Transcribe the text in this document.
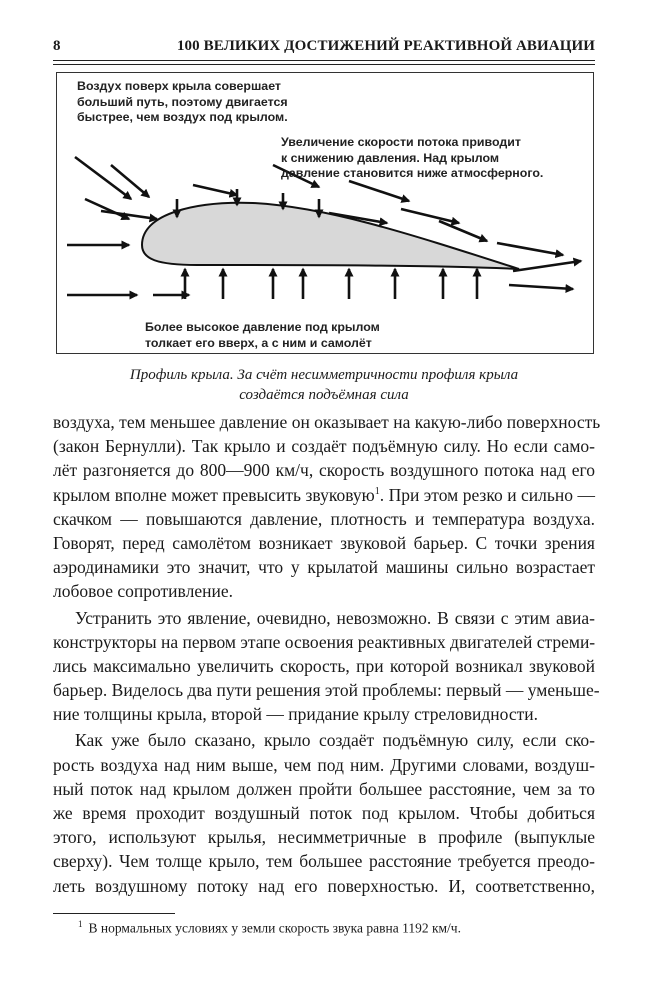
8	100 ВЕЛИКИХ ДОСТИЖЕНИЙ РЕАКТИВНОЙ АВИАЦИИ
Воздух поверх крыла совершает
больший путь, поэтому двигается
быстрее, чем воздух под крылом.
Увеличение скорости потока приводит
к снижению давления. Над крылом
давление становится ниже атмосферного.
Более высокое давление под крылом
толкает его вверх, а с ним и самолёт
Профиль крыла. За счёт несимметричности профиля крыла
создаётся подъёмная сила
воздуха, тем меньшее давление он оказывает на какую-либо поверхность
(закон Бернулли). Так крыло и создаёт подъёмную силу. Но если само-
лёт разгоняется до 800—900 км/ч, скорость воздушного потока над его
крылом вполне может превысить звуковую$^1$. При этом резко и сильно —
скачком — повышаются давление, плотность и температура воздуха.
Говорят, перед самолётом возникает звуковой барьер. С точки зрения
аэродинамики это значит, что у крылатой машины сильно возрастает
лобовое сопротивление.
Устранить это явление, очевидно, невозможно. В связи с этим авиа-
конструкторы на первом этапе освоения реактивных двигателей стреми-
лись максимально увеличить скорость, при которой возникал звуковой
барьер. Виделось два пути решения этой проблемы: первый — уменьше-
ние толщины крыла, второй — придание крылу стреловидности.
Как уже было сказано, крыло создаёт подъёмную силу, если ско-
рость воздуха над ним выше, чем под ним. Другими словами, воздуш-
ный поток над крылом должен пройти большее расстояние, чем за то
же время проходит воздушный поток под крылом. Чтобы добиться
этого, используют крылья, несимметричные в профиле (выпуклые
сверху). Чем толще крыло, тем большее расстояние требуется преодо-
леть воздушному потоку над его поверхностью. И, соответственно,
$^1$ В нормальных условиях у земли скорость звука равна 1192 км/ч.
